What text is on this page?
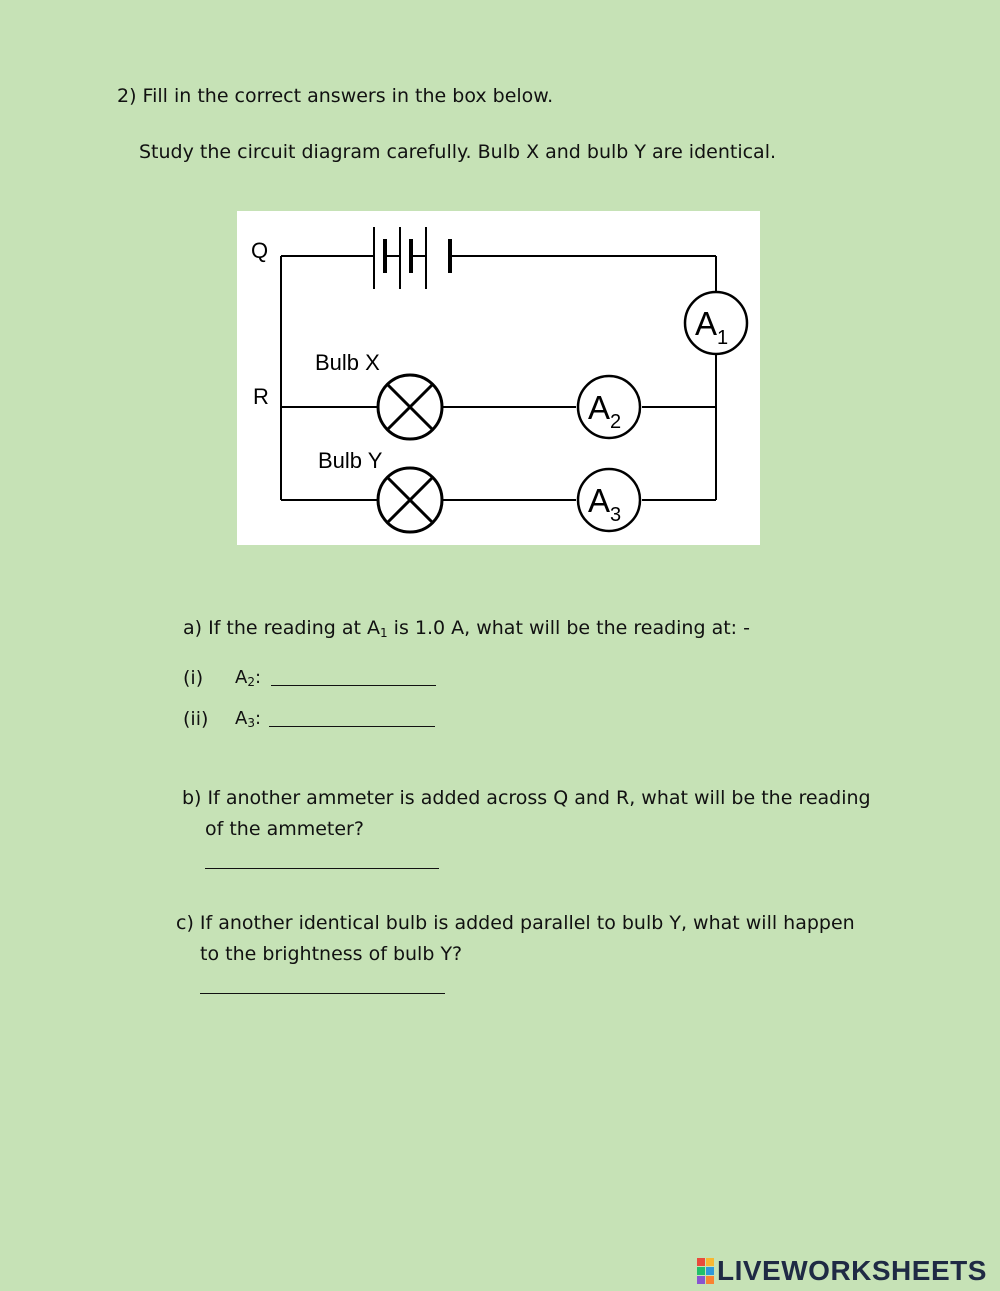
2) Fill in the correct answers in the box below.
Study the circuit diagram carefully. Bulb X and bulb Y are identical.
$A_1$
$A_2$
$A_3$
Q
R
Bulb X
Bulb Y
a) If the reading at $A_1$ is 1.0 A, what will be the reading at: -
(i) $A_2$:
(ii) $A_3$:
b) If another ammeter is added across Q and R, what will be the reading
of the ammeter?
c) If another identical bulb is added parallel to bulb Y, what will happen
to the brightness of bulb Y?
LIVEWORKSHEETS
